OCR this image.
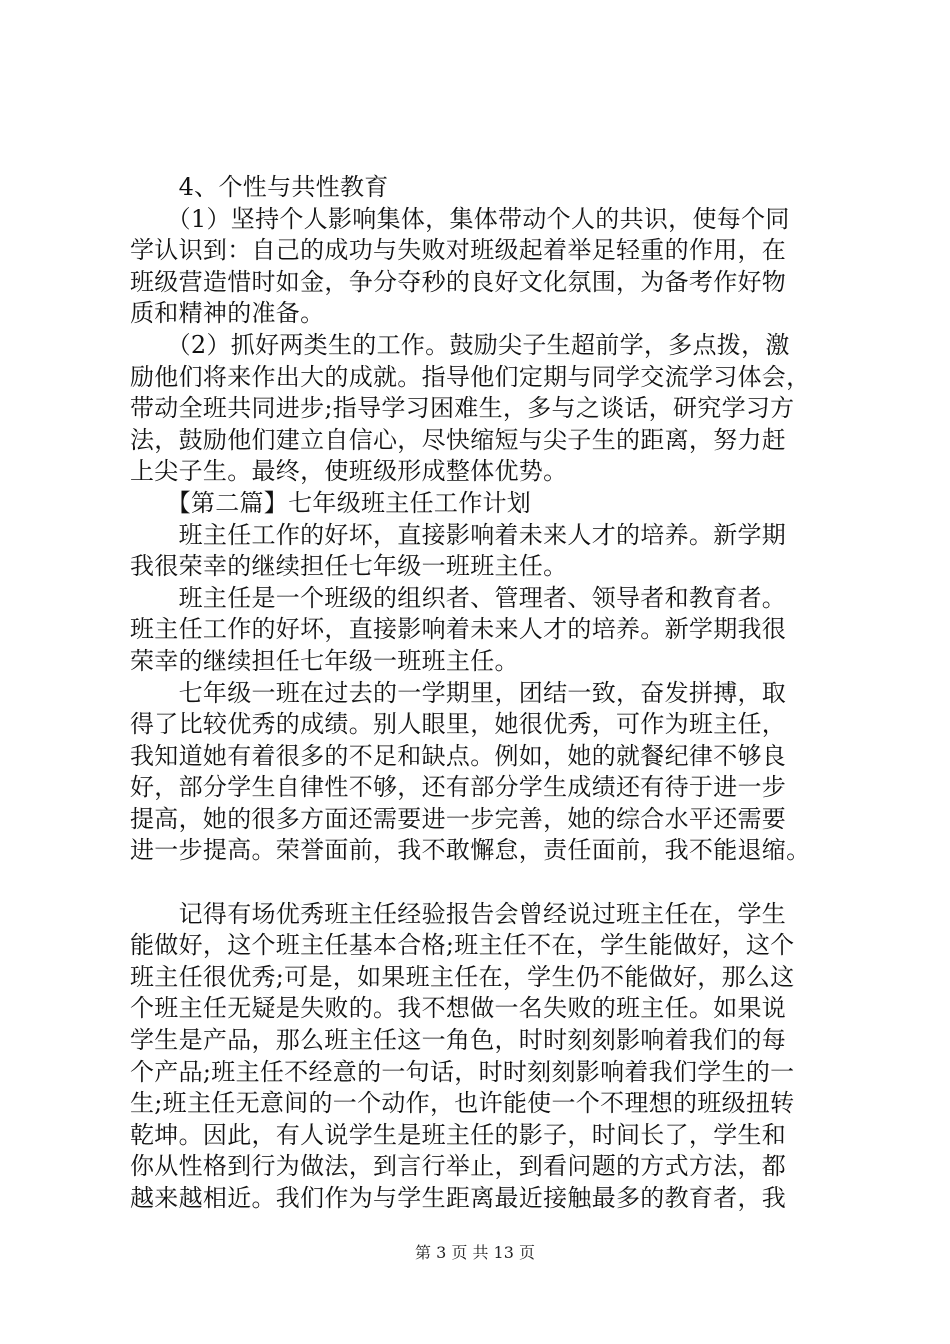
　　4、个性与共性教育
　　（1）坚持个人影响集体，集体带动个人的共识，使每个同
学认识到：自己的成功与失败对班级起着举足轻重的作用，在
班级营造惜时如金，争分夺秒的良好文化氛围，为备考作好物
质和精神的准备。
　　（2）抓好两类生的工作。鼓励尖子生超前学，多点拨，激
励他们将来作出大的成就。指导他们定期与同学交流学习体会，
带动全班共同进步;指导学习困难生，多与之谈话，研究学习方
法，鼓励他们建立自信心，尽快缩短与尖子生的距离，努力赶
上尖子生。最终，使班级形成整体优势。
　　【第二篇】七年级班主任工作计划
　　班主任工作的好坏，直接影响着未来人才的培养。新学期
我很荣幸的继续担任七年级一班班主任。
　　班主任是一个班级的组织者、管理者、领导者和教育者。
班主任工作的好坏，直接影响着未来人才的培养。新学期我很
荣幸的继续担任七年级一班班主任。
　　七年级一班在过去的一学期里，团结一致，奋发拼搏，取
得了比较优秀的成绩。别人眼里，她很优秀，可作为班主任，
我知道她有着很多的不足和缺点。例如，她的就餐纪律不够良
好，部分学生自律性不够，还有部分学生成绩还有待于进一步
提高，她的很多方面还需要进一步完善，她的综合水平还需要
进一步提高。荣誉面前，我不敢懈怠，责任面前，我不能退缩。
　　记得有场优秀班主任经验报告会曾经说过班主任在，学生
能做好，这个班主任基本合格;班主任不在，学生能做好，这个
班主任很优秀;可是，如果班主任在，学生仍不能做好，那么这
个班主任无疑是失败的。我不想做一名失败的班主任。如果说
学生是产品，那么班主任这一角色，时时刻刻影响着我们的每
个产品;班主任不经意的一句话，时时刻刻影响着我们学生的一
生;班主任无意间的一个动作，也许能使一个不理想的班级扭转
乾坤。因此，有人说学生是班主任的影子，时间长了，学生和
你从性格到行为做法，到言行举止，到看问题的方式方法，都
越来越相近。我们作为与学生距离最近接触最多的教育者，我
第 3 页 共 13 页
